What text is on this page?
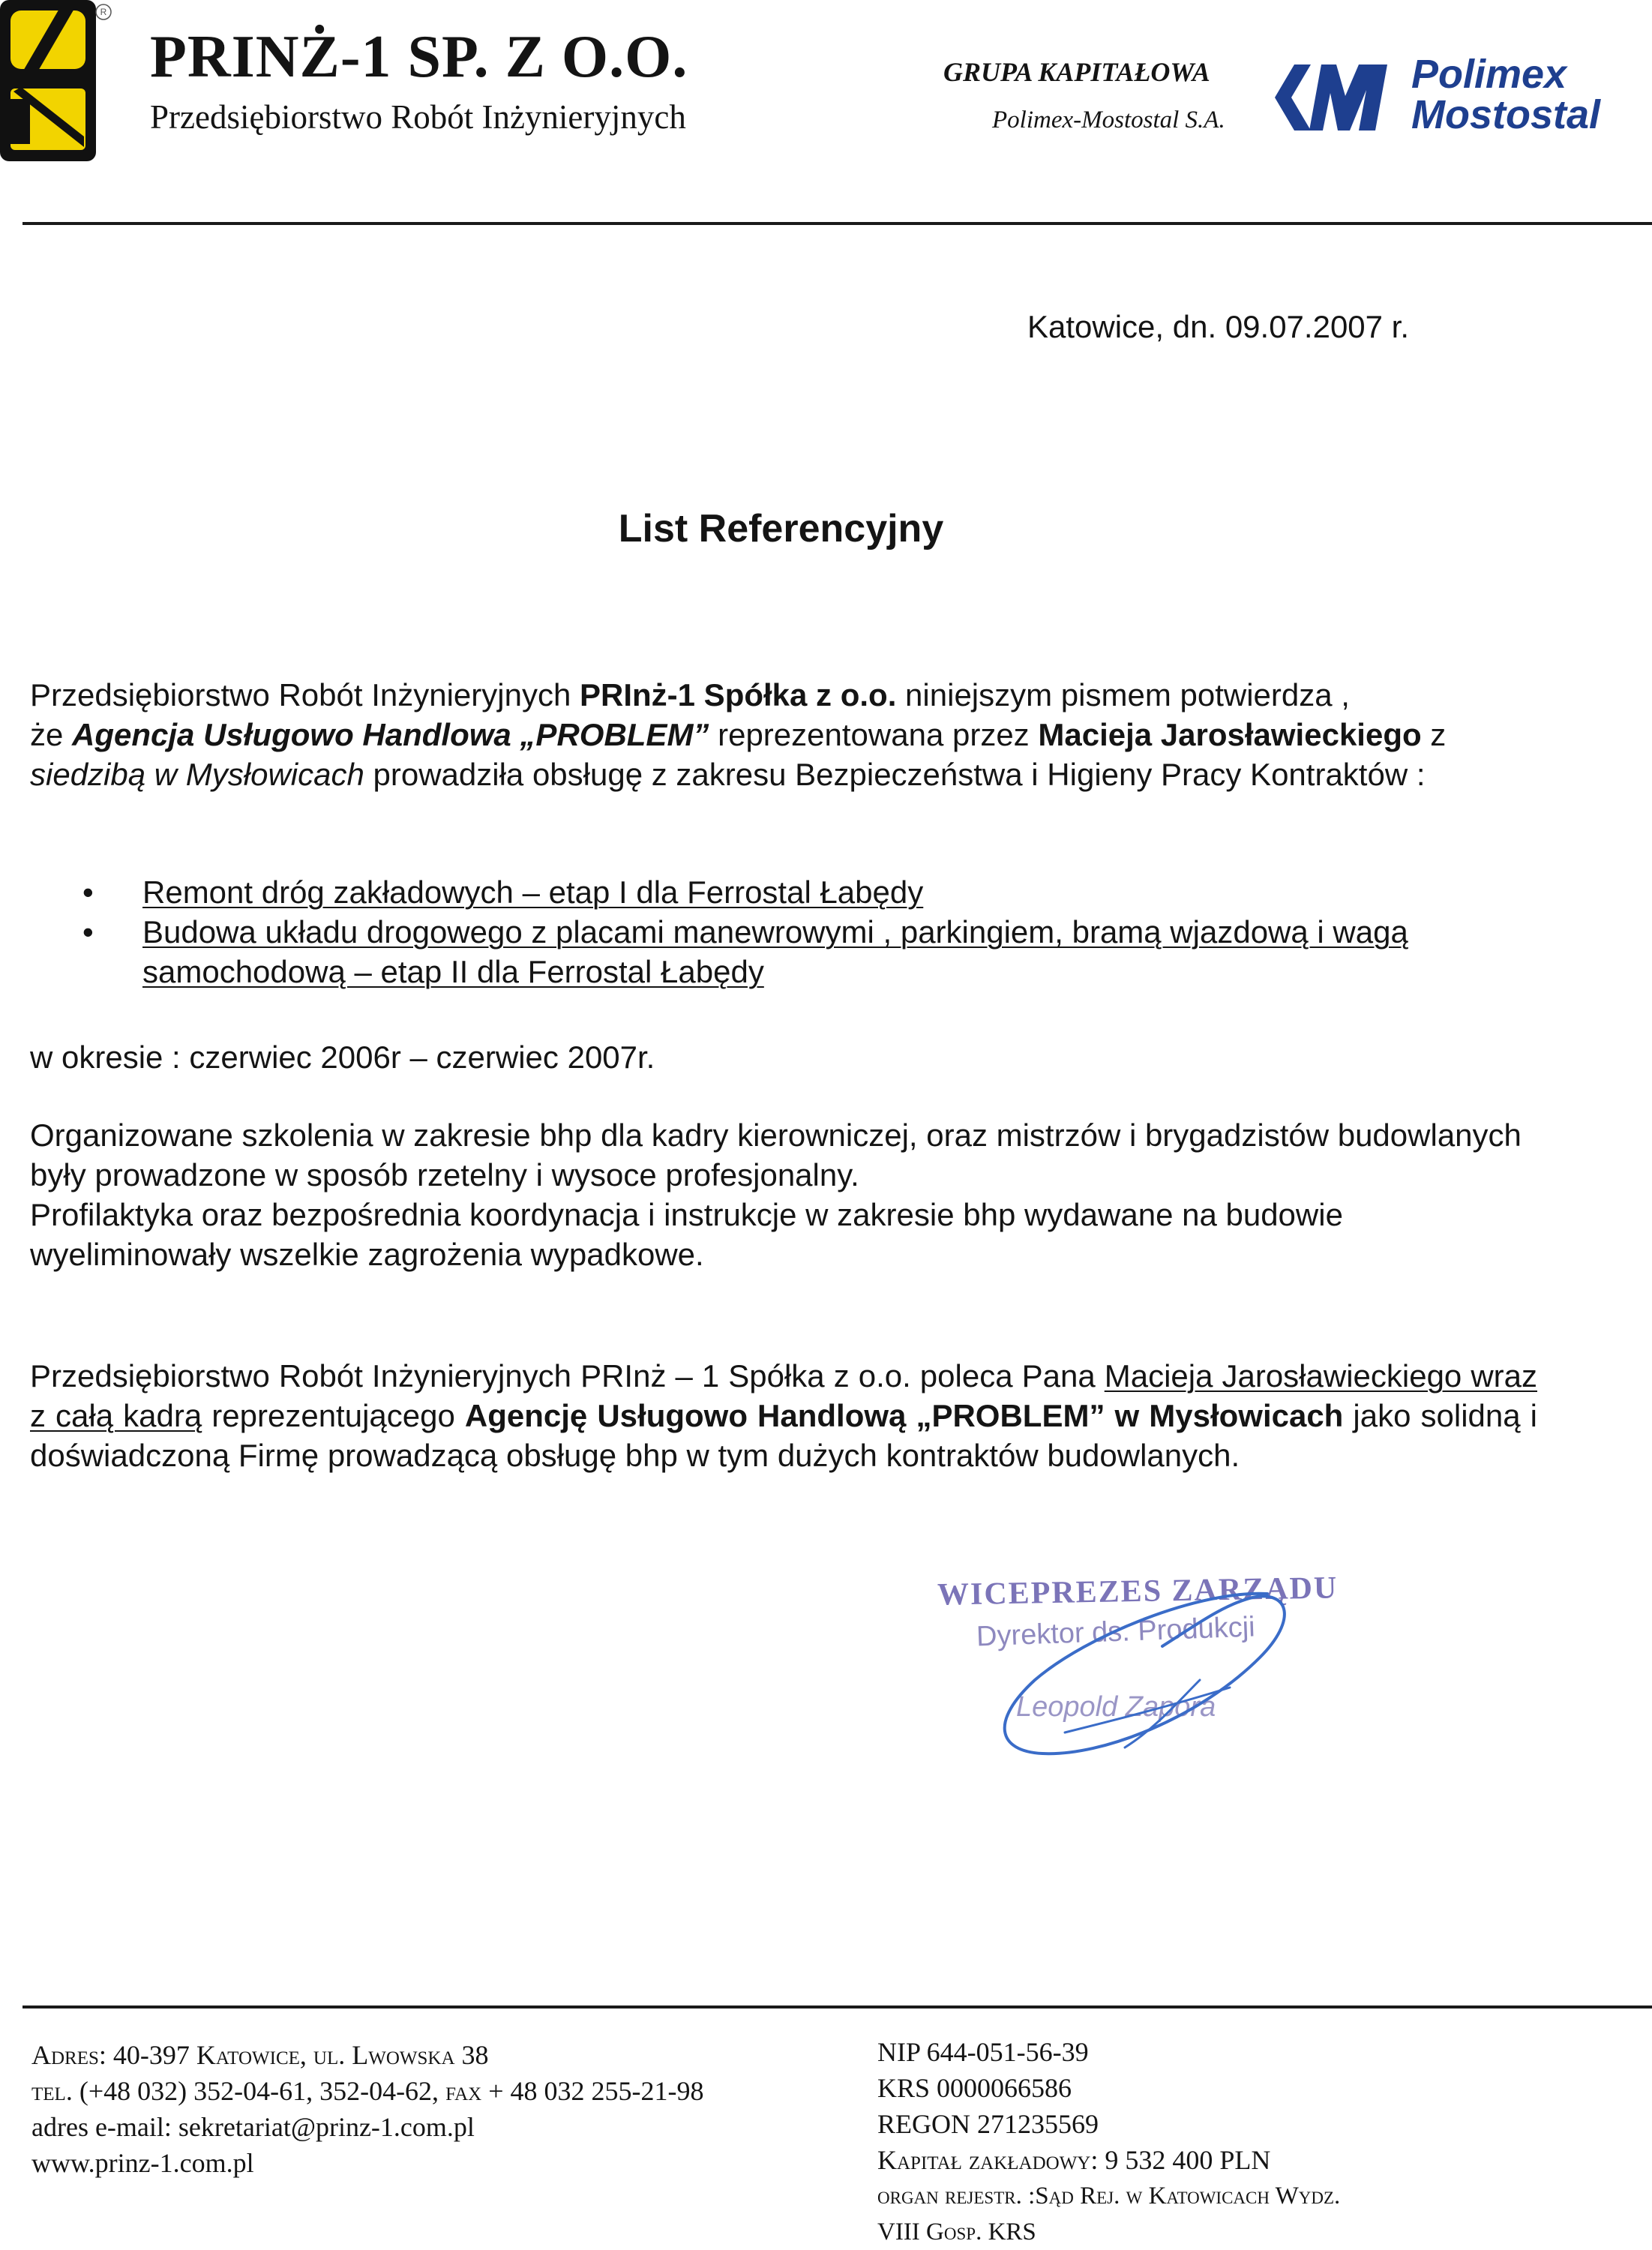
R
PRINŻ-1 SP. Z O.O.
Przedsiębiorstwo Robót Inżynieryjnych
GRUPA KAPITAŁOWA
Polimex-Mostostal S.A.
Polimex
Mostostal
Katowice, dn. 09.07.2007 r.
List Referencyjny
Przedsiębiorstwo Robót Inżynieryjnych PRInż-1 Spółka z o.o. niniejszym pismem potwierdza ,
że Agencja Usługowo Handlowa „PROBLEM” reprezentowana przez Macieja Jarosławieckiego z siedzibą w Mysłowicach prowadziła obsługę z zakresu Bezpieczeństwa i Higieny Pracy Kontraktów :
• Remont dróg zakładowych – etap I dla Ferrostal Łabędy
• Budowa układu drogowego z placami manewrowymi , parkingiem, bramą wjazdową i wagą samochodową – etap II dla Ferrostal Łabędy
w okresie : czerwiec 2006r – czerwiec 2007r.
Organizowane szkolenia w zakresie bhp dla kadry kierowniczej, oraz mistrzów i brygadzistów budowlanych były prowadzone w sposób rzetelny i wysoce profesjonalny.
Profilaktyka oraz bezpośrednia koordynacja i instrukcje w zakresie bhp wydawane na budowie wyeliminowały wszelkie zagrożenia wypadkowe.
Przedsiębiorstwo Robót Inżynieryjnych PRInż – 1 Spółka z o.o. poleca Pana Macieja Jarosławieckiego wraz z całą kadrą reprezentującego Agencję Usługowo Handlową „PROBLEM” w Mysłowicach jako solidną i doświadczoną Firmę prowadzącą obsługę bhp w tym dużych kontraktów budowlanych.
WICEPREZES ZARZĄDU
Dyrektor ds. Produkcji
Leopold Zapora
Adres: 40-397 Katowice, ul. Lwowska 38
tel. (+48 032) 352-04-61, 352-04-62, fax + 48 032 255-21-98
adres e-mail: sekretariat@prinz-1.com.pl
www.prinz-1.com.pl
NIP 644-051-56-39
KRS 0000066586
REGON 271235569
Kapitał zakładowy: 9 532 400 PLN
organ rejestr. :Sąd Rej. w Katowicach Wydz.
VIII Gosp. KRS
